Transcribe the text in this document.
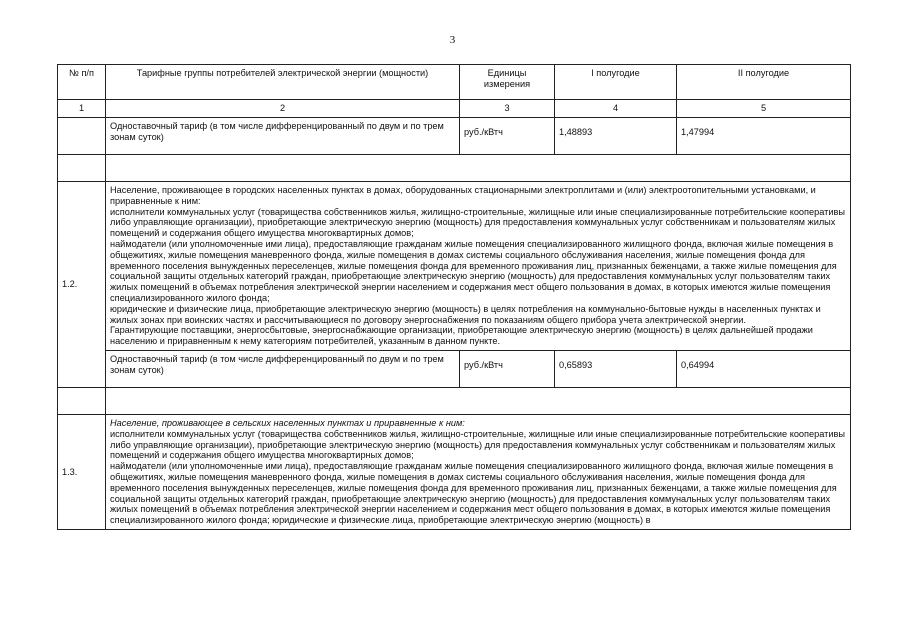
3
№ п/п	Тарифные группы потребителей электрической энергии (мощности)	Единицы измерения	I полугодие	II полугодие
1	2	3	4	5
	Одноставочный тариф (в том числе дифференцированный по двум и по трем зонам суток)	руб./кВтч	1,48893	1,47994

1.2.	Население, проживающее в городских населенных пунктах в домах, оборудованных стационарными электроплитами и (или) электроотопительными установками, и приравненные к ним:

исполнители коммунальных услуг (товарищества собственников жилья, жилищно-строительные, жилищные или иные специализированные потребительские кооперативы либо управляющие организации), приобретающие электрическую энергию (мощность) для предоставления коммунальных услуг собственникам и пользователям жилых помещений и содержания общего имущества многоквартирных домов;

наймодатели (или уполномоченные ими лица), предоставляющие гражданам жилые помещения специализированного жилищного фонда, включая жилые помещения в общежитиях, жилые помещения маневренного фонда, жилые помещения в домах системы социального обслуживания населения, жилые помещения фонда для временного поселения вынужденных переселенцев, жилые помещения фонда для временного проживания лиц, признанных беженцами, а также жилые помещения для социальной защиты отдельных категорий граждан, приобретающие электрическую энергию (мощность) для предоставления коммунальных услуг пользователям таких жилых помещений в объемах потребления электрической энергии населением и содержания мест общего пользования в домах, в которых имеются жилые помещения специализированного жилого фонда;

юридические и физические лица, приобретающие электрическую энергию (мощность) в целях потребления на коммунально-бытовые нужды в населенных пунктах и жилых зонах при воинских частях и рассчитывающиеся по договору энергоснабжения по показаниям общего прибора учета электрической энергии.

Гарантирующие поставщики, энергосбытовые, энергоснабжающие организации, приобретающие электрическую энергию (мощность) в целях дальнейшей продажи населению и приравненным к нему категориям потребителей, указанным в данном пункте.			

	Одноставочный тариф (в том числе дифференцированный по двум и по трем зонам суток)	руб./кВтч	0,65893	0,64994

1.3.	Население, проживающее в сельских населенных пунктах и приравненные к ним:

исполнители коммунальных услуг (товарищества собственников жилья, жилищно-строительные, жилищные или иные специализированные потребительские кооперативы либо управляющие организации), приобретающие электрическую энергию (мощность) для предоставления коммунальных услуг собственникам и пользователям жилых помещений и содержания общего имущества многоквартирных домов;

наймодатели (или уполномоченные ими лица), предоставляющие гражданам жилые помещения специализированного жилищного фонда, включая жилые помещения в общежитиях, жилые помещения маневренного фонда, жилые помещения в домах системы социального обслуживания населения, жилые помещения фонда для временного поселения вынужденных переселенцев, жилые помещения фонда для временного проживания лиц, признанных беженцами, а также жилые помещения для социальной защиты отдельных категорий граждан, приобретающие электрическую энергию (мощность) для предоставления коммунальных услуг пользователям таких жилых помещений в объемах потребления электрической энергии населением и содержания мест общего пользования в домах, в которых имеются жилые помещения специализированного жилого фонда; юридические и физические лица, приобретающие электрическую энергию (мощность) в			
